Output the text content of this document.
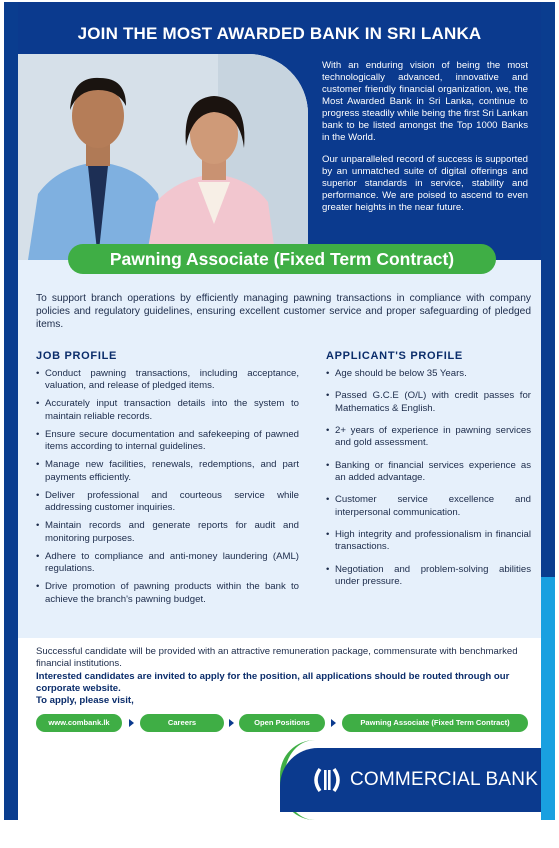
JOIN THE MOST AWARDED BANK IN SRI LANKA

With an enduring vision of being the most technologically advanced, innovative and customer friendly financial organization, we, the Most Awarded Bank in Sri Lanka, continue to progress steadily while being the first Sri Lankan bank to be listed amongst the Top 1000 Banks in the World.

Our unparalleled record of success is supported by an unmatched suite of digital offerings and superior standards in service, stability and performance. We are poised to ascend to even greater heights in the near future.

Pawning Associate (Fixed Term Contract)
To support branch operations by efficiently managing pawning transactions in compliance with company policies and regulatory guidelines, ensuring excellent customer service and proper safeguarding of pledged items.
JOB PROFILE
• Conduct pawning transactions, including acceptance, valuation, and release of pledged items.
• Accurately input transaction details into the system to maintain reliable records.
• Ensure secure documentation and safekeeping of pawned items according to internal guidelines.
• Manage new facilities, renewals, redemptions, and part payments efficiently.
• Deliver professional and courteous service while addressing customer inquiries.
• Maintain records and generate reports for audit and monitoring purposes.
• Adhere to compliance and anti-money laundering (AML) regulations.
• Drive promotion of pawning products within the bank to achieve the branch's pawning budget.
APPLICANT'S PROFILE
• Age should be below 35 Years.
• Passed G.C.E (O/L) with credit passes for Mathematics & English.
• 2+ years of experience in pawning services and gold assessment.
• Banking or financial services experience as an added advantage.
• Customer service excellence and interpersonal communication.
• High integrity and professionalism in financial transactions.
• Negotiation and problem-solving abilities under pressure.
Successful candidate will be provided with an attractive remuneration package, commensurate with benchmarked financial institutions.
Interested candidates are invited to apply for the position, all applications should be routed through our corporate website.
To apply, please visit,
www.combank.lk	Careers	Open Positions	Pawning Associate (Fixed Term Contract)
COMMERCIAL BANK
